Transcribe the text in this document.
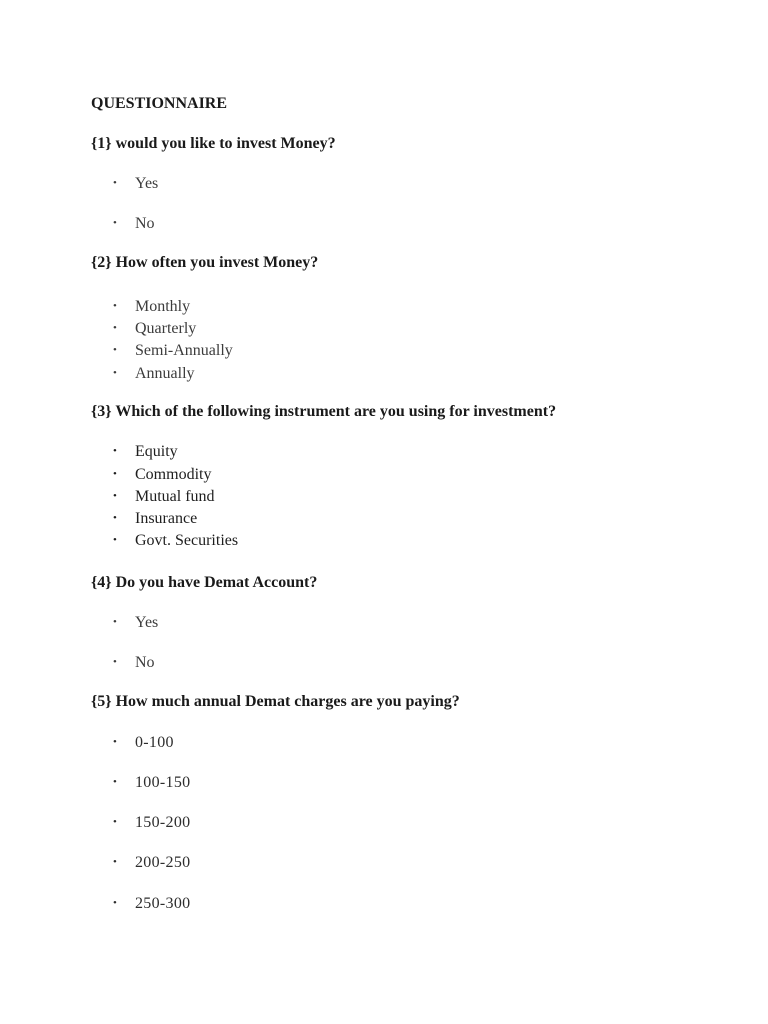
QUESTIONNAIRE
{1} would you like to invest Money?
• Yes
• No
{2} How often you invest Money?
• Monthly
• Quarterly
• Semi-Annually
• Annually
{3} Which of the following instrument are you using for investment?
• Equity
• Commodity
• Mutual fund
• Insurance
• Govt. Securities
{4} Do you have Demat Account?
• Yes
• No
{5} How much annual Demat charges are you paying?
• 0-100
• 100-150
• 150-200
• 200-250
• 250-300
